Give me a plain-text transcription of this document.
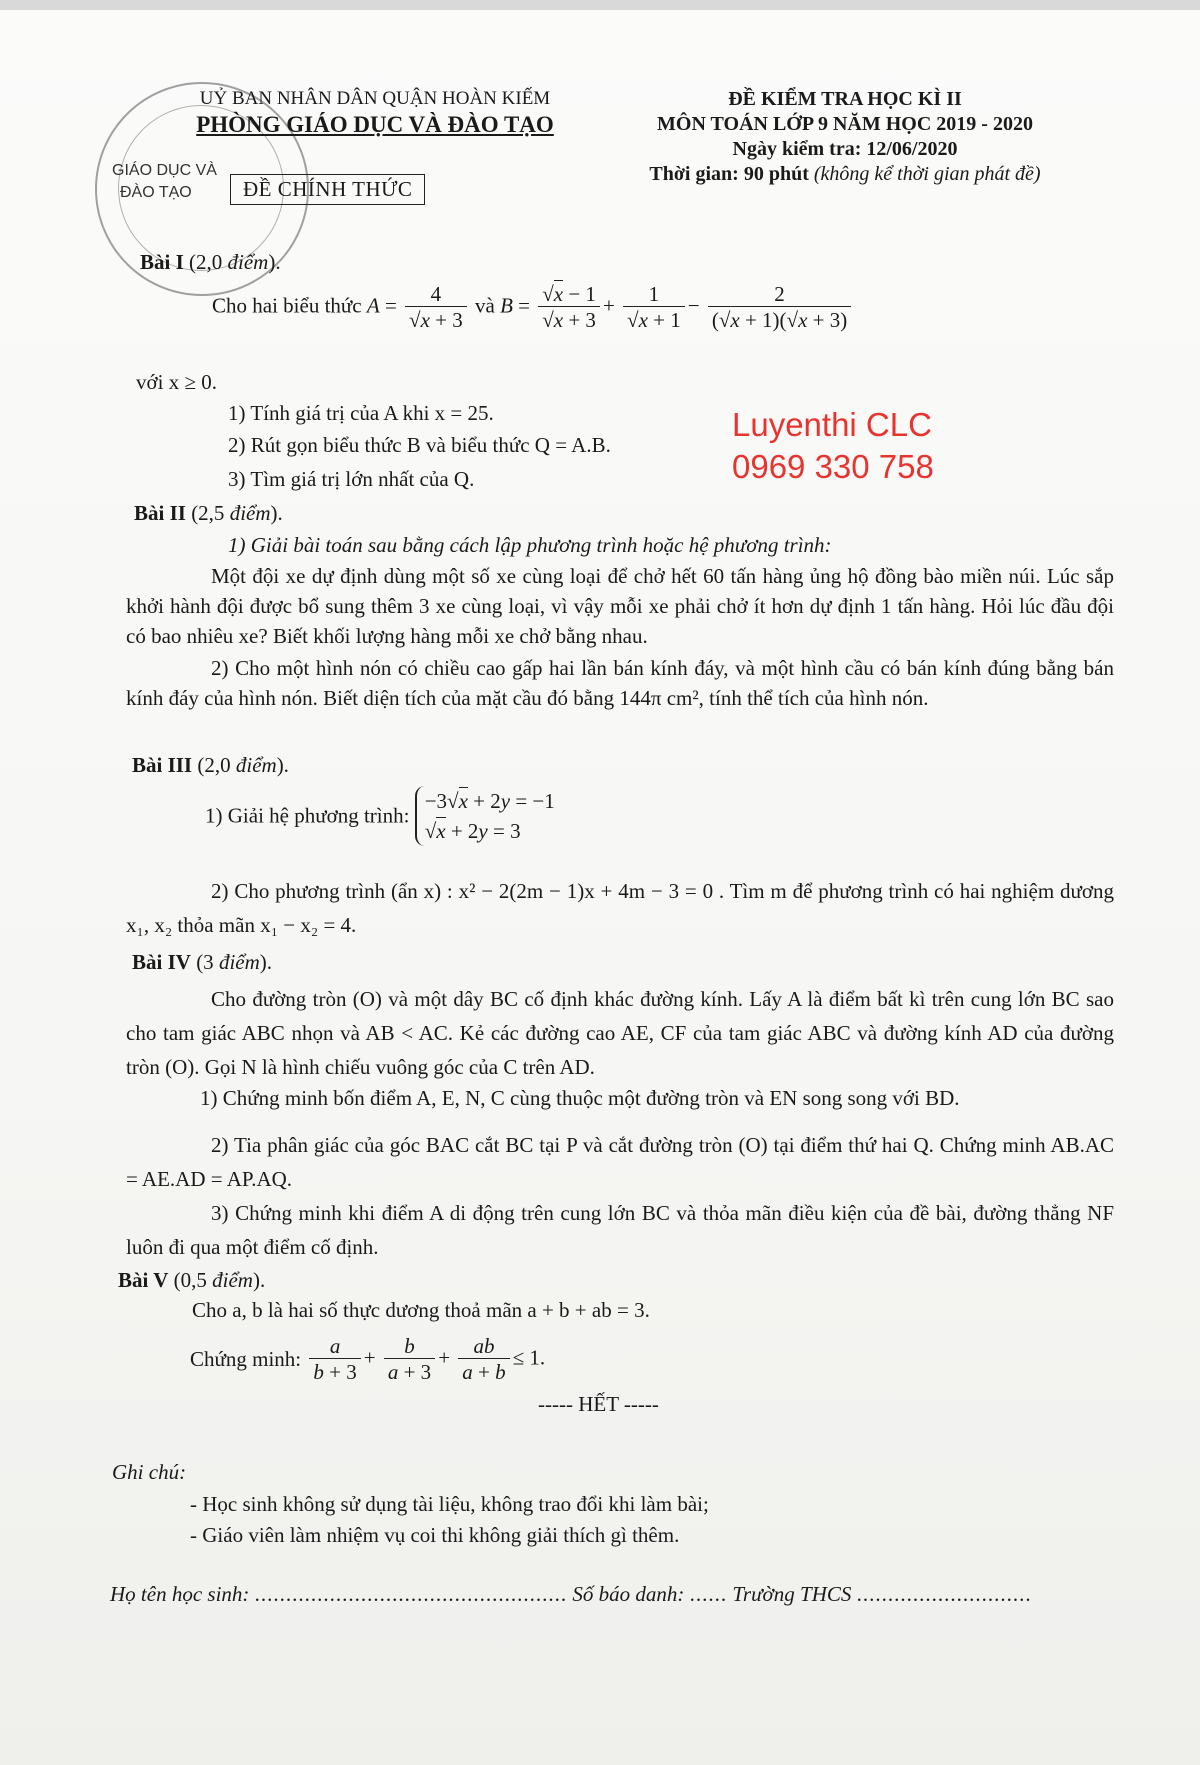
GIÁO DỤC VÀ
ĐÀO TẠO
UỶ BAN NHÂN DÂN QUẬN HOÀN KIẾM
PHÒNG GIÁO DỤC VÀ ĐÀO TẠO
ĐỀ CHÍNH THỨC
ĐỀ KIỂM TRA HỌC KÌ II
MÔN TOÁN LỚP 9 NĂM HỌC 2019 - 2020
Ngày kiểm tra: 12/06/2020
Thời gian: 90 phút (không kể thời gian phát đề)
Bài I (2,0 điểm).
Cho hai biểu thức $A = \frac{4}{√x + 3}$ và $B = \frac{√x - 1}{√x + 3} + \frac{1}{√x + 1} - \frac{2}{(√x + 1)(√x + 3)}$
với x ≥ 0.
1) Tính giá trị của A khi x = 25.
2) Rút gọn biểu thức B và biểu thức Q = A.B.
3) Tìm giá trị lớn nhất của Q.
Luyenthi CLC
0969 330 758
Bài II (2,5 điểm).
1) Giải bài toán sau bằng cách lập phương trình hoặc hệ phương trình:
Một đội xe dự định dùng một số xe cùng loại để chở hết 60 tấn hàng ủng hộ đồng bào miền núi. Lúc sắp khởi hành đội được bổ sung thêm 3 xe cùng loại, vì vậy mỗi xe phải chở ít hơn dự định 1 tấn hàng. Hỏi lúc đầu đội có bao nhiêu xe? Biết khối lượng hàng mỗi xe chở bằng nhau.
2) Cho một hình nón có chiều cao gấp hai lần bán kính đáy, và một hình cầu có bán kính đúng bằng bán kính đáy của hình nón. Biết diện tích của mặt cầu đó bằng 144π cm², tính thể tích của hình nón.
Bài III (2,0 điểm).
1) Giải hệ phương trình:
−3√x + 2y = −1
√x + 2y = 3
2) Cho phương trình (ẩn x) : x² − 2(2m − 1)x + 4m − 3 = 0 . Tìm m để phương trình có hai nghiệm dương x₁, x₂ thỏa mãn x₁ − x₂ = 4.
Bài IV (3 điểm).
Cho đường tròn (O) và một dây BC cố định khác đường kính. Lấy A là điểm bất kì trên cung lớn BC sao cho tam giác ABC nhọn và AB < AC. Kẻ các đường cao AE, CF của tam giác ABC và đường kính AD của đường tròn (O). Gọi N là hình chiếu vuông góc của C trên AD.
1) Chứng minh bốn điểm A, E, N, C cùng thuộc một đường tròn và EN song song với BD.
2) Tia phân giác của góc BAC cắt BC tại P và cắt đường tròn (O) tại điểm thứ hai Q. Chứng minh AB.AC = AE.AD = AP.AQ.
3) Chứng minh khi điểm A di động trên cung lớn BC và thỏa mãn điều kiện của đề bài, đường thẳng NF luôn đi qua một điểm cố định.
Bài V (0,5 điểm).
Cho a, b là hai số thực dương thoả mãn a + b + ab = 3.
Chứng minh: $\frac{a}{b + 3} + \frac{b}{a + 3} + \frac{ab}{a + b} \le 1$.
----- HẾT -----
Ghi chú:
- Học sinh không sử dụng tài liệu, không trao đổi khi làm bài;
- Giáo viên làm nhiệm vụ coi thi không giải thích gì thêm.
Họ tên học sinh: .................................................. Số báo danh: ...... Trường THCS ............................
